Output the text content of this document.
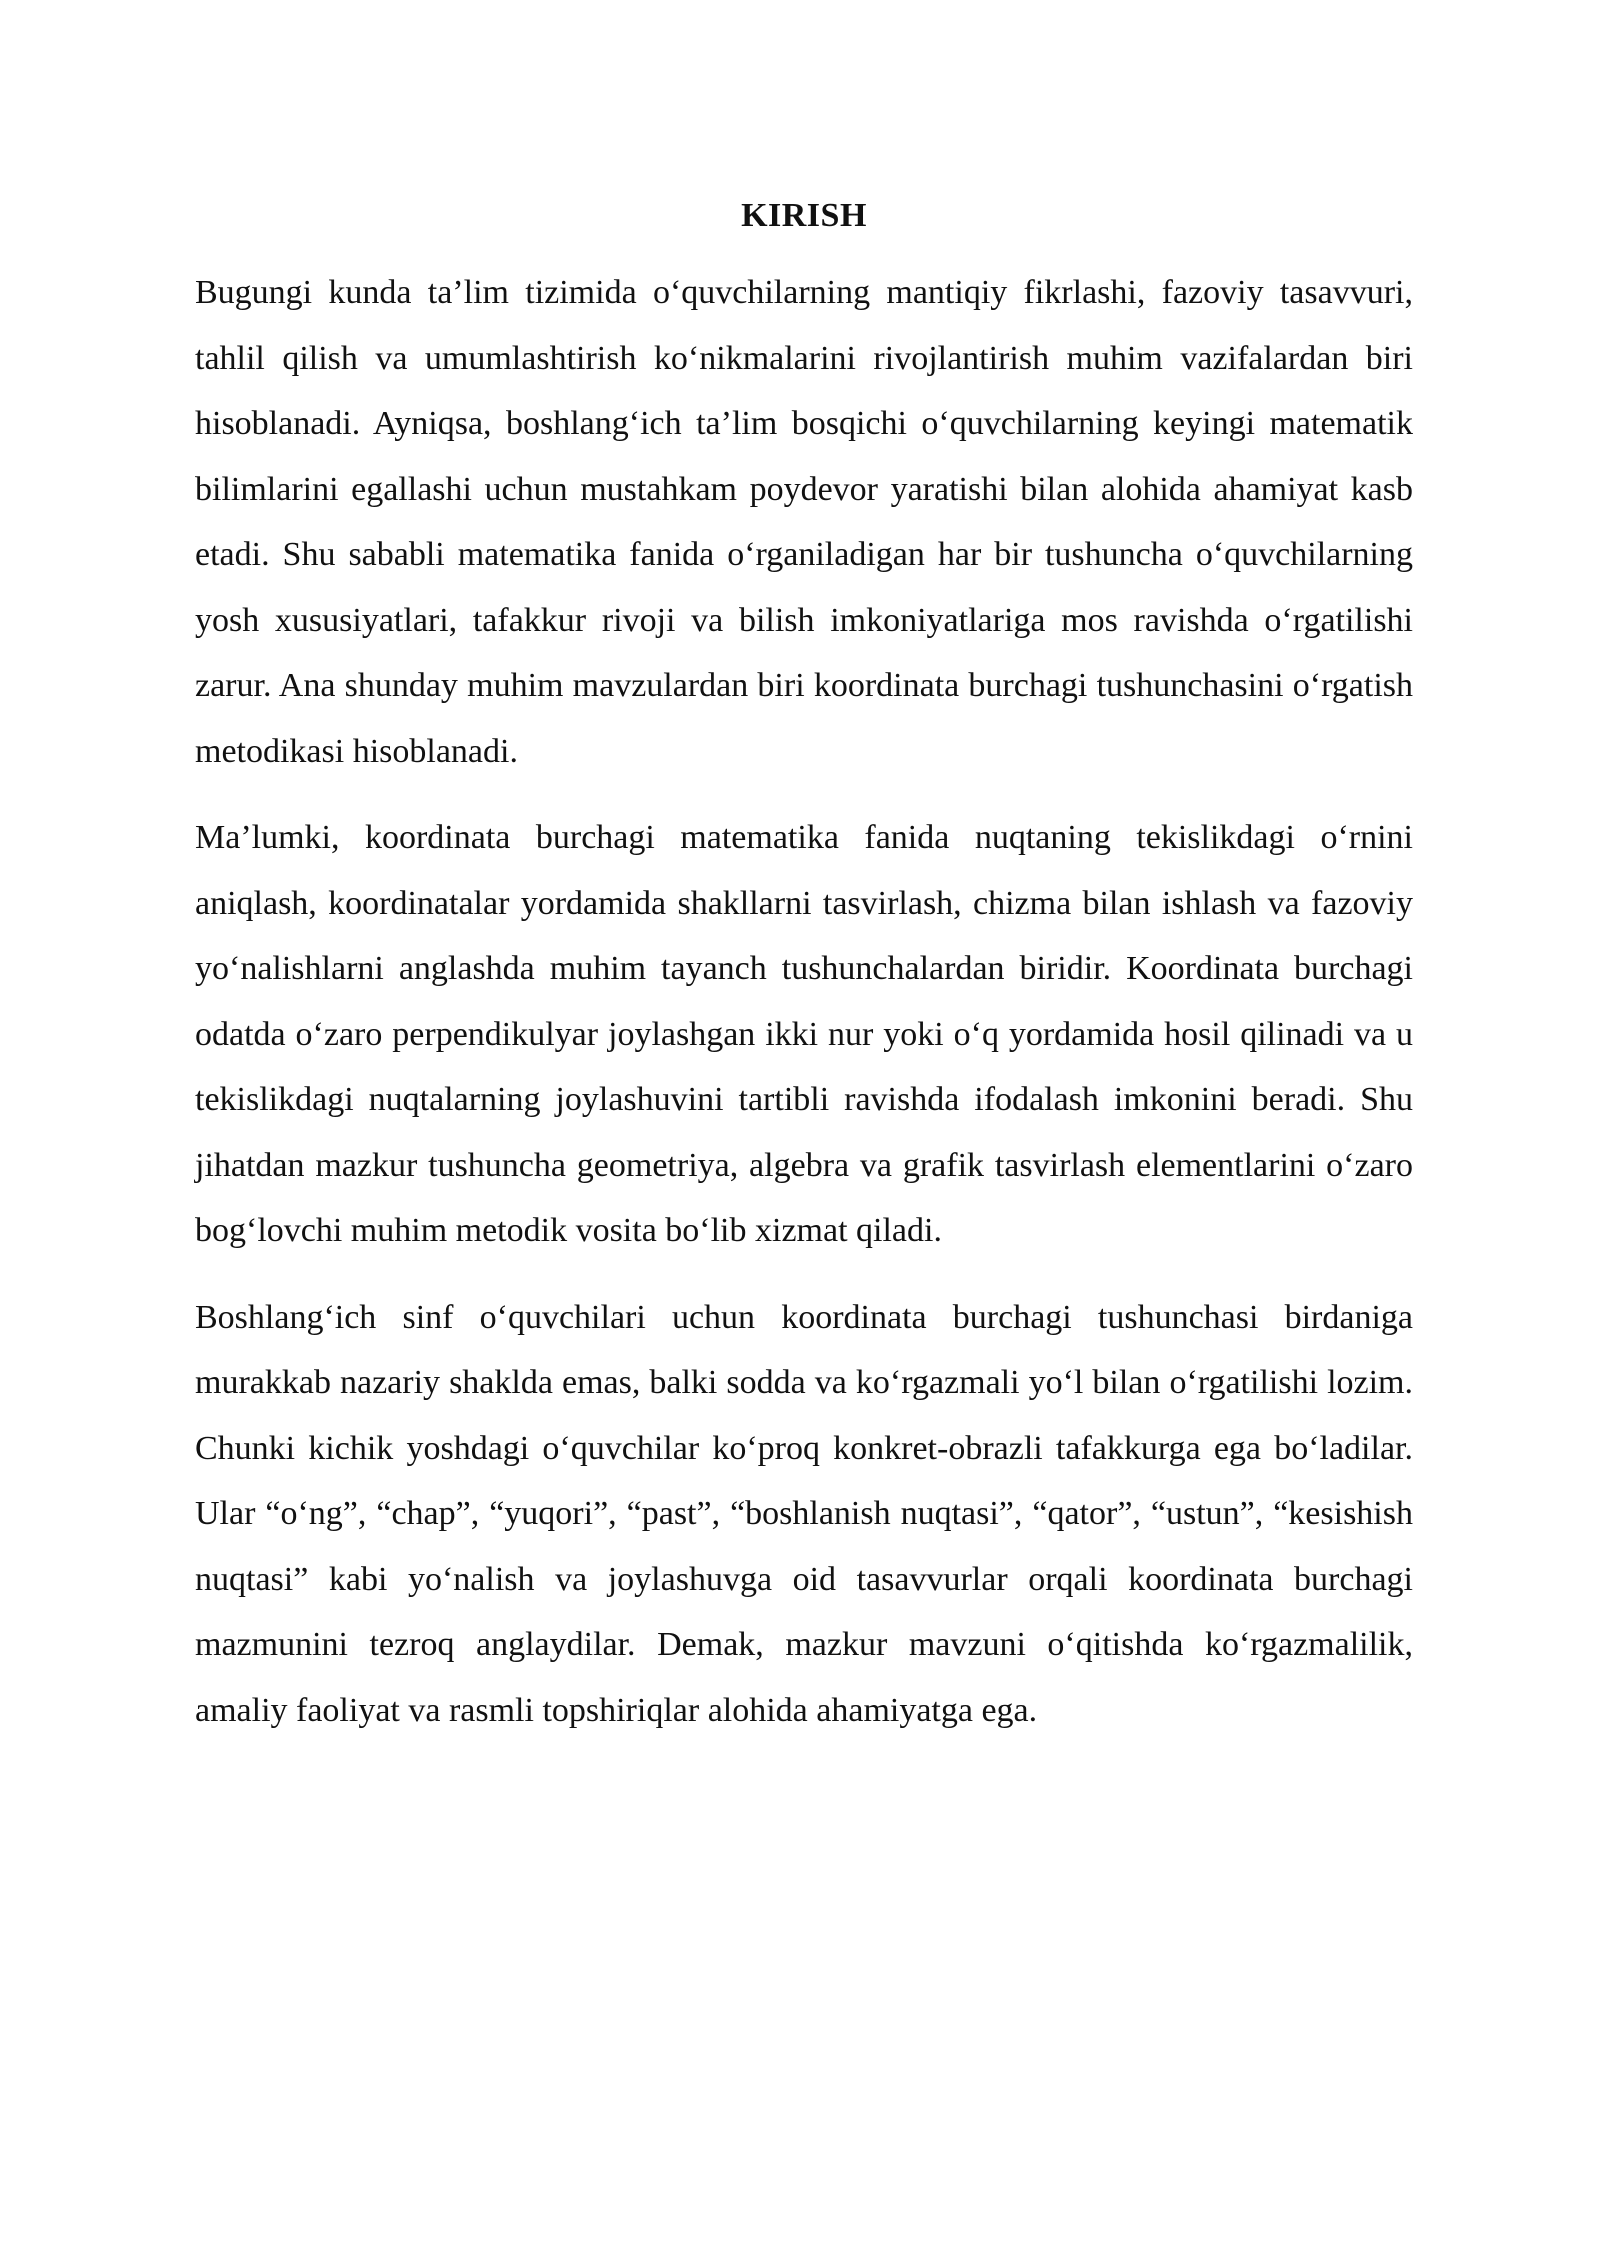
KIRISH

Bugungi kunda ta’lim tizimida o‘quvchilarning mantiqiy fikrlashi, fazoviy tasavvuri, tahlil qilish va umumlashtirish ko‘nikmalarini rivojlantirish muhim vazifalardan biri hisoblanadi. Ayniqsa, boshlang‘ich ta’lim bosqichi o‘quvchilarning keyingi matematik bilimlarini egallashi uchun mustahkam poydevor yaratishi bilan alohida ahamiyat kasb etadi. Shu sababli matematika fanida o‘rganiladigan har bir tushuncha o‘quvchilarning yosh xususiyatlari, tafakkur rivoji va bilish imkoniyatlariga mos ravishda o‘rgatilishi zarur. Ana shunday muhim mavzulardan biri koordinata burchagi tushunchasini o‘rgatish metodikasi hisoblanadi.

Ma’lumki, koordinata burchagi matematika fanida nuqtaning tekislikdagi o‘rnini aniqlash, koordinatalar yordamida shakllarni tasvirlash, chizma bilan ishlash va fazoviy yo‘nalishlarni anglashda muhim tayanch tushunchalardan biridir. Koordinata burchagi odatda o‘zaro perpendikulyar joylashgan ikki nur yoki o‘q yordamida hosil qilinadi va u tekislikdagi nuqtalarning joylashuvini tartibli ravishda ifodalash imkonini beradi. Shu jihatdan mazkur tushuncha geometriya, algebra va grafik tasvirlash elementlarini o‘zaro bog‘lovchi muhim metodik vosita bo‘lib xizmat qiladi.

Boshlang‘ich sinf o‘quvchilari uchun koordinata burchagi tushunchasi birdaniga murakkab nazariy shaklda emas, balki sodda va ko‘rgazmali yo‘l bilan o‘rgatilishi lozim. Chunki kichik yoshdagi o‘quvchilar ko‘proq konkret-obrazli tafakkurga ega bo‘ladilar. Ular “o‘ng”, “chap”, “yuqori”, “past”, “boshlanish nuqtasi”, “qator”, “ustun”, “kesishish nuqtasi” kabi yo‘nalish va joylashuvga oid tasavvurlar orqali koordinata burchagi mazmunini tezroq anglaydilar. Demak, mazkur mavzuni o‘qitishda ko‘rgazmalilik, amaliy faoliyat va rasmli topshiriqlar alohida ahamiyatga ega.
